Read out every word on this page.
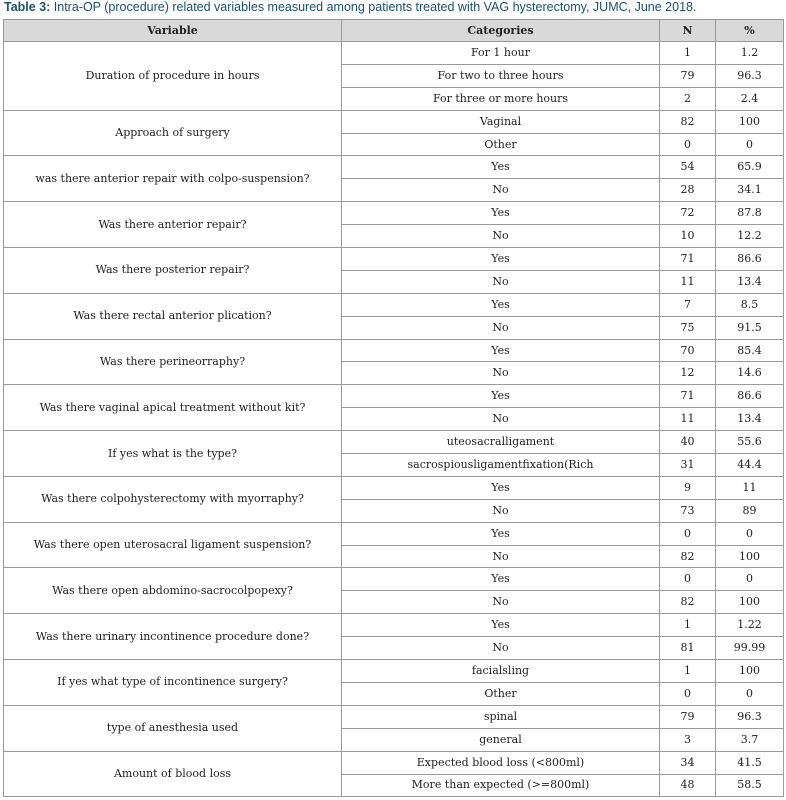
Table 3: Intra-OP (procedure) related variables measured among patients treated with VAG hysterectomy, JUMC, June 2018.
Variable	Categories	N	%
Duration of procedure in hours	For 1 hour	1	1.2
	For two to three hours	79	96.3
	For three or more hours	2	2.4
Approach of surgery	Vaginal	82	100
	Other	0	0
was there anterior repair with colpo-suspension?	Yes	54	65.9
	No	28	34.1
Was there anterior repair?	Yes	72	87.8
	No	10	12.2
Was there posterior repair?	Yes	71	86.6
	No	11	13.4
Was there rectal anterior plication?	Yes	7	8.5
	No	75	91.5
Was there perineorraphy?	Yes	70	85.4
	No	12	14.6
Was there vaginal apical treatment without kit?	Yes	71	86.6
	No	11	13.4
If yes what is the type?	uteosacralligament	40	55.6
	sacrospiousligamentfixation(Rich	31	44.4
Was there colpohysterectomy with myorraphy?	Yes	9	11
	No	73	89
Was there open uterosacral ligament suspension?	Yes	0	0
	No	82	100
Was there open abdomino-sacrocolpopexy?	Yes	0	0
	No	82	100
Was there urinary incontinence procedure done?	Yes	1	1.22
	No	81	99.99
If yes what type of incontinence surgery?	facialsling	1	100
	Other	0	0
type of anesthesia used	spinal	79	96.3
	general	3	3.7
Amount of blood loss	Expected blood loss (<800ml)	34	41.5
	More than expected (>=800ml)	48	58.5
